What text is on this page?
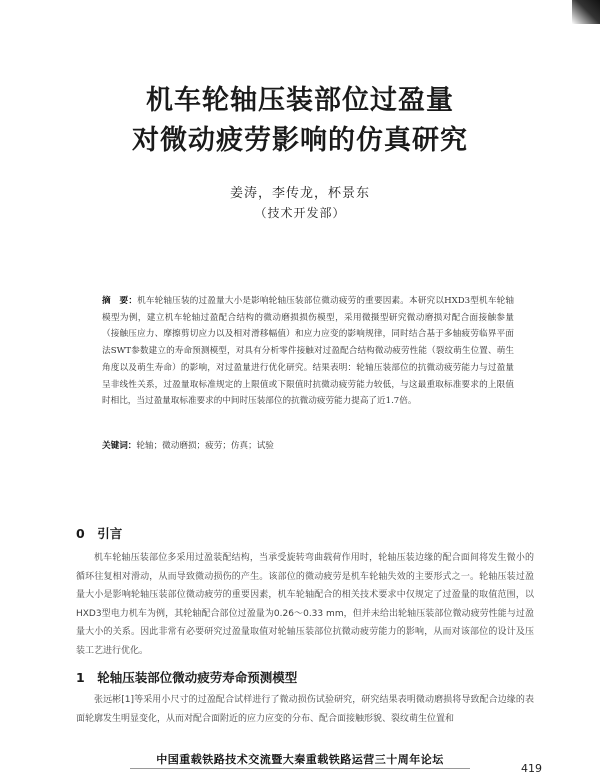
机车轮轴压装部位过盈量
对微动疲劳影响的仿真研究
姜涛，李传龙，杯景东
（技术开发部）
摘　要：机车轮轴压装的过盈量大小是影响轮轴压装部位微动疲劳的重要因素。本研究以HXD3型机车轮轴模型为例，建立机车轮轴过盈配合结构的微动磨损损伤模型，采用微摄型研究微动磨损对配合面接触参量（接触压应力、摩擦剪切应力以及相对滑移幅值）和应力应变的影响规律，同时结合基于多轴疲劳临界平面法SWT参数建立的寿命预测模型，对具有分析零件接触对过盈配合结构微动疲劳性能（裂纹萌生位置、萌生角度以及萌生寿命）的影响，对过盈量进行优化研究。结果表明：轮轴压装部位的抗微动疲劳能力与过盈量呈非线性关系，过盈量取标准规定的上限值或下限值时抗微动疲劳能力较低，与这最重取标准要求的上限值时相比，当过盈量取标准要求的中间时压装部位的抗微动疲劳能力提高了近1.7倍。
关键词：轮轴；微动磨损；疲劳；仿真；试验
0　引言
机车轮轴压装部位多采用过盈装配结构，当承受旋转弯曲载荷作用时，轮轴压装边缘的配合面间将发生微小的循环往复相对滑动，从而导致微动损伤的产生。该部位的微动疲劳是机车轮轴失效的主要形式之一。轮轴压装过盈量大小是影响轮轴压装部位微动疲劳的重要因素，机车轮轴配合的相关技术要求中仅规定了过盈量的取值范围，以HXD3型电力机车为例，其轮轴配合部位过盈量为0.26～0.33 mm，但并未给出轮轴压装部位微动疲劳性能与过盈量大小的关系。因此非常有必要研究过盈量取值对轮轴压装部位抗微动疲劳能力的影响，从而对该部位的设计及压装工艺进行优化。
1　轮轴压装部位微动疲劳寿命预测模型
张远彬[1]等采用小尺寸的过盈配合试样进行了微动损伤试验研究，研究结果表明微动磨损将导致配合边缘的表面轮廓发生明显变化，从而对配合面附近的应力应变的分布、配合面接触形貌、裂纹萌生位置和
中国重载铁路技术交流暨大秦重载铁路运营三十周年论坛
419
